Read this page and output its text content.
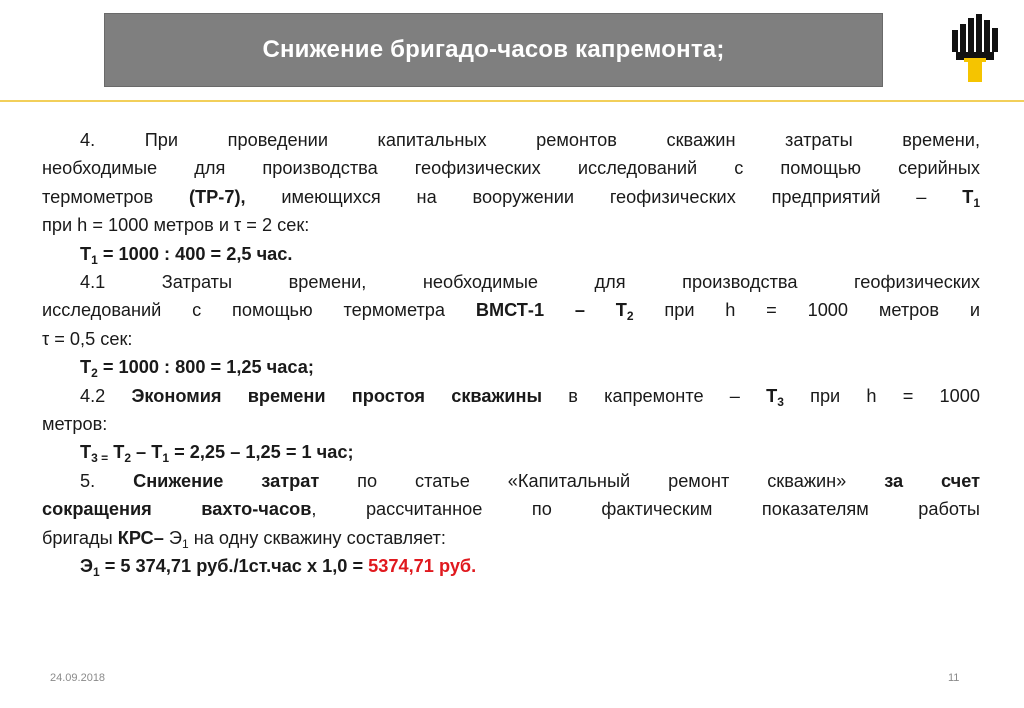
Снижение бригадо-часов капремонта;

4. При проведении капитальных ремонтов скважин затраты времени,

необходимые для производства геофизических исследований с помощью серийных

термометров (ТР-7), имеющихся на вооружении геофизических предприятий – $Т_1$

при h = 1000 метров и τ = 2 сек:

$Т_1 = 1000$ : 400 = 2,5 час.

4.1 Затраты времени, необходимые для производства геофизических

исследований с помощью термометра ВМСТ-1 – $Т_2$ при h = 1000 метров и

τ = 0,5 сек:

$Т_2 = 1000$ : 800 = 1,25 часа;

4.2 Экономия времени простоя скважины в капремонте – $Т_3$ при h = 1000

метров:

$Т_{3 =}$ $Т_2 - Т_1 = 2,25 - 1,25 = 1$ час;

5. Снижение затрат по статье «Капитальный ремонт скважин» за счет

сокращения вахто-часов, рассчитанное по фактическим показателям работы

бригады КРС– $Э_1$ на одну скважину составляет:

$Э_1 = 5$ 374,71 руб./1ст.час х 1,0 = 5374,71 руб.

24.09.2018	11
